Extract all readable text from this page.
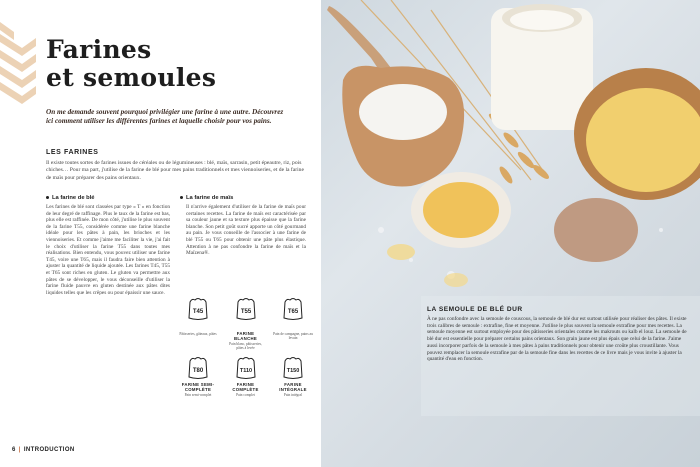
Farines
et semoules

On me demande souvent pourquoi privilégier une farine à une autre. Découvrez ici comment utiliser les différentes farines et laquelle choisir pour vos pains.

LES FARINES

Il existe toutes sortes de farines issues de céréales ou de légumineuses : blé, maïs, sarrasin, petit épeautre, riz, pois chiches… Pour ma part, j'utilise de la farine de blé pour mes pains traditionnels et mes viennoiseries, et de la farine de maïs pour préparer des pains orientaux.

La farine de blé

Les farines de blé sont classées par type « T » en fonction de leur degré de raffinage. Plus le taux de la farine est bas, plus elle est raffinée. De mon côté, j'utilise le plus souvent de la farine T55, considérée comme une farine blanche idéale pour les pâtes à pain, les brioches et les viennoiseries. Et comme j'aime me faciliter la vie, j'ai fait le choix d'utiliser la farine T55 dans toutes mes réalisations. Bien entendu, vous pouvez utiliser une farine T45, voire une T65, mais il faudra faire bien attention à ajuster la quantité de liquide ajoutée. Les farines T45, T55 et T65 sont riches en gluten. Le gluten va permettre aux pâtes de se développer, le vous déconseille d'utiliser la farine fluide pauvre en gluten destinée aux pâtes dites liquides telles que les crêpes ou pour épaissir une sauce.

La farine de maïs

Il n'arrive également d'utiliser de la farine de maïs pour certaines recettes. La farine de maïs est caractérisée par sa couleur jaune et sa texture plus épaisse que la farine blanche. Son petit goût sucré apporte un côté gourmand au pain. Je vous conseille de l'associer à une farine de blé T55 ou T65 pour obtenir une pâte plus élastique. Attention à ne pas confondre la farine de maïs et la Maïzena®.

T45
Pâtisseries, gâteaux, pâtes
T55
FARINE BLANCHE
Pain blanc, pâtisseries, pâtes à levée
T65
Pain de campagne, pains au levain
T80
FARINE SEMI-COMPLÈTE
Pain semi-complet
T110
FARINE COMPLÈTE
Pain complet
T150
FARINE INTÉGRALE
Pain intégral
6 | INTRODUCTION
LA SEMOULE DE BLÉ DUR

À ne pas confondre avec la semoule de couscous, la semoule de blé dur est surtout utilisée pour réaliser des pâtes. Il existe trois calibres de semoule : extrafine, fine et moyenne. J'utilise le plus souvent la semoule extrafine pour mes recettes. La semoule moyenne est surtout employée pour des pâtisseries orientales comme les makrouts ou kalb el louz. La semoule de blé dur est essentielle pour préparer certains pains orientaux. Son grain jaune est plus épais que celui de la farine. J'aime aussi incorporer parfois de la semoule à mes pâtes à pains traditionnels pour obtenir une croûte plus croustillante. Vous pouvez remplacer la semoule extrafine par de la semoule fine dans les recettes de ce livre mais je vous invite à ajuster la quantité d'eau en fonction.
